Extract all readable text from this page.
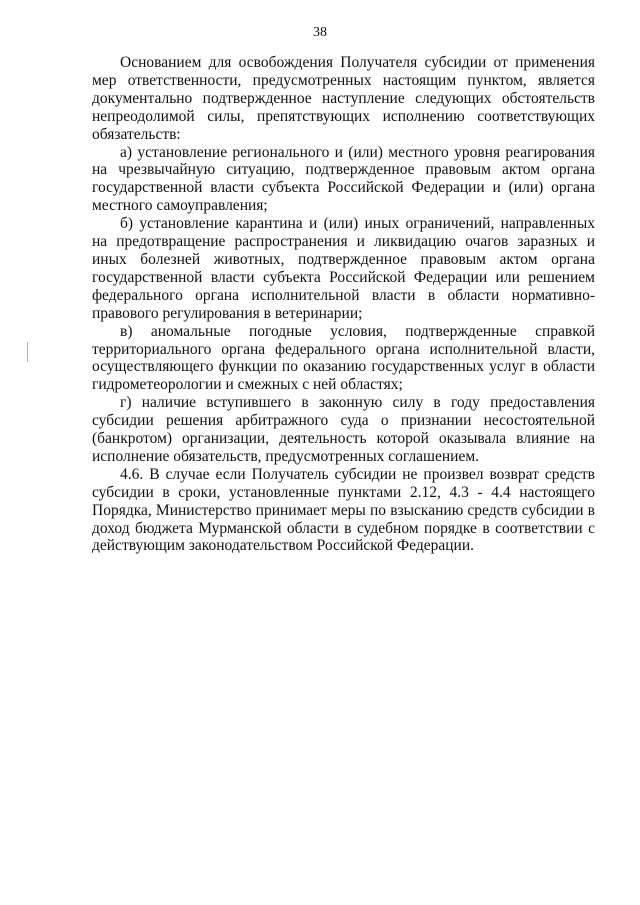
38

Основанием для освобождения Получателя субсидии от применения мер ответственности, предусмотренных настоящим пунктом, является документально подтвержденное наступление следующих обстоятельств непреодолимой силы, препятствующих исполнению соответствующих обязательств:

а) установление регионального и (или) местного уровня реагирования на чрезвычайную ситуацию, подтвержденное правовым актом органа государственной власти субъекта Российской Федерации и (или) органа местного самоуправления;

б) установление карантина и (или) иных ограничений, направленных на предотвращение распространения и ликвидацию очагов заразных и иных болезней животных, подтвержденное правовым актом органа государственной власти субъекта Российской Федерации или решением федерального органа исполнительной власти в области нормативно-правового регулирования в ветеринарии;

в) аномальные погодные условия, подтвержденные справкой территориального органа федерального органа исполнительной власти, осуществляющего функции по оказанию государственных услуг в области гидрометеорологии и смежных с ней областях;

г) наличие вступившего в законную силу в году предоставления субсидии решения арбитражного суда о признании несостоятельной (банкротом) организации, деятельность которой оказывала влияние на исполнение обязательств, предусмотренных соглашением.

4.6. В случае если Получатель субсидии не произвел возврат средств субсидии в сроки, установленные пунктами 2.12, 4.3 - 4.4 настоящего Порядка, Министерство принимает меры по взысканию средств субсидии в доход бюджета Мурманской области в судебном порядке в соответствии с действующим законодательством Российской Федерации.
